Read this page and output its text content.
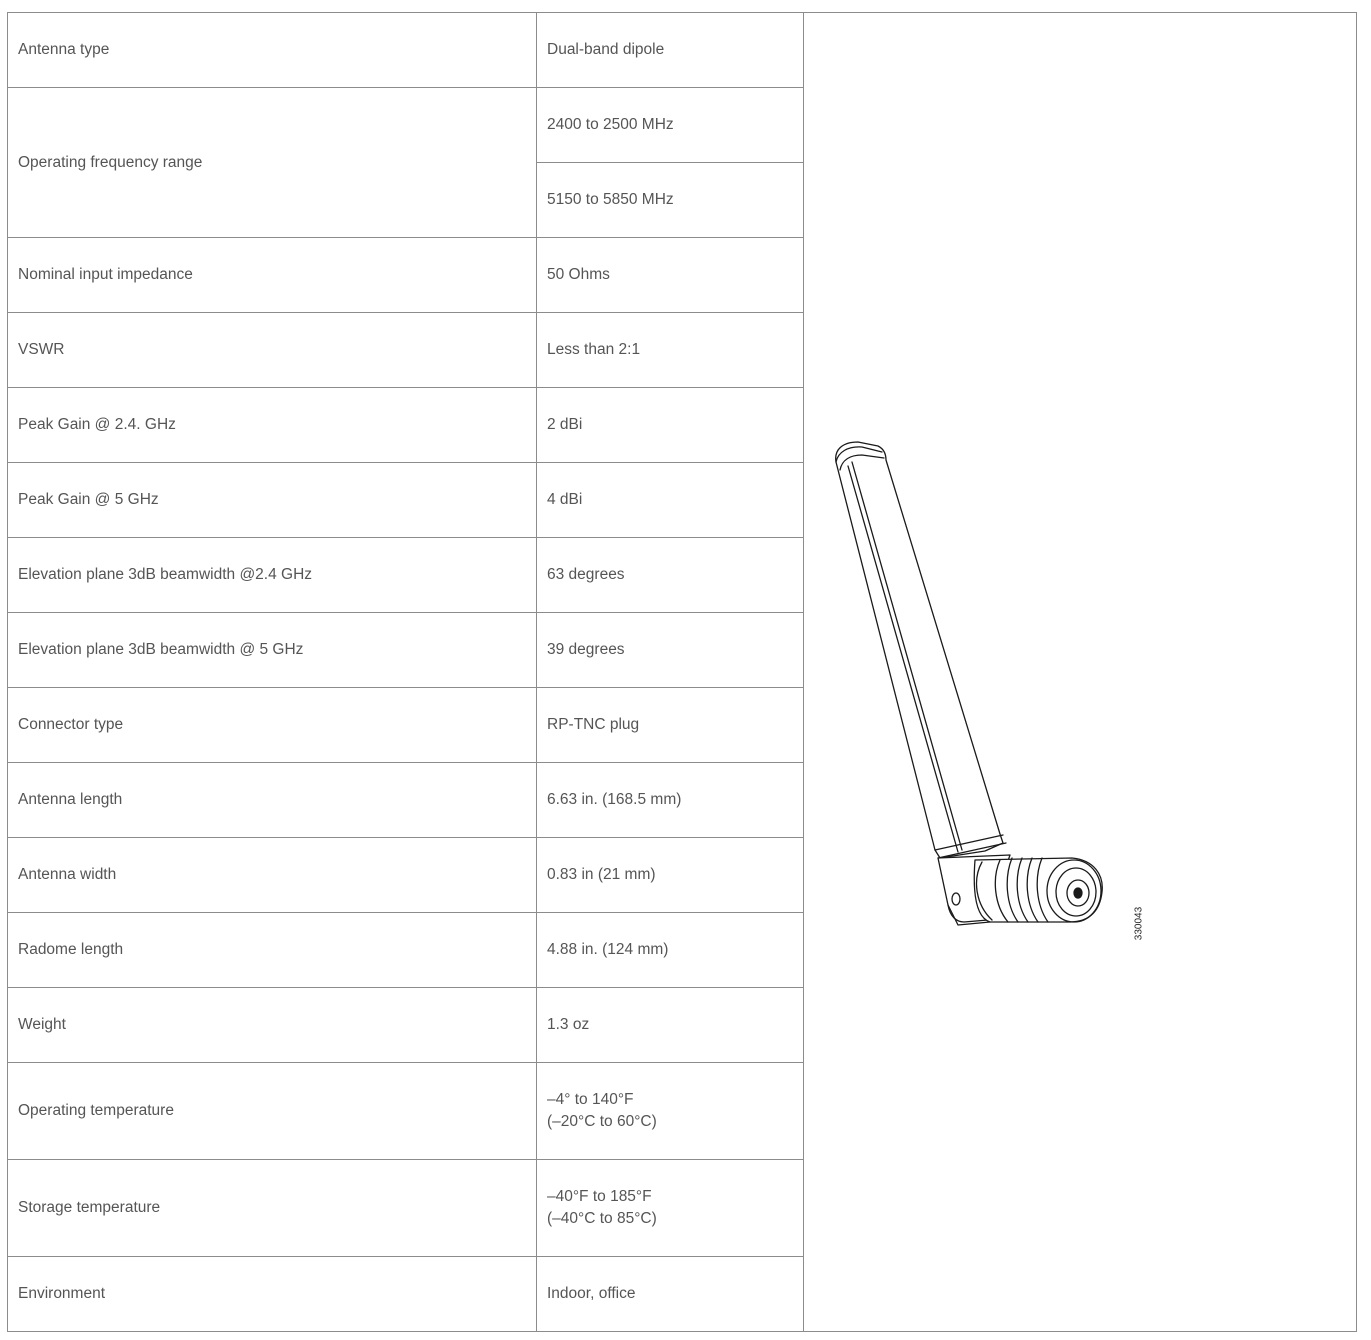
Antenna type	Dual-band dipole
Operating frequency range	2400 to 2500 MHz
	5150 to 5850 MHz
Nominal input impedance	50 Ohms
VSWR	Less than 2:1
Peak Gain @ 2.4. GHz	2 dBi
Peak Gain @ 5 GHz	4 dBi
Elevation plane 3dB beamwidth @2.4 GHz	63 degrees
Elevation plane 3dB beamwidth @ 5 GHz	39 degrees
Connector type	RP-TNC plug
Antenna length	6.63 in. (168.5 mm)
Antenna width	0.83 in (21 mm)
Radome length	4.88 in. (124 mm)
Weight	1.3 oz
Operating temperature	–4° to 140°F
(–20°C to 60°C)

Storage temperature	–40°F to 185°F
(–40°C to 85°C)

Environment	Indoor, office
330043
